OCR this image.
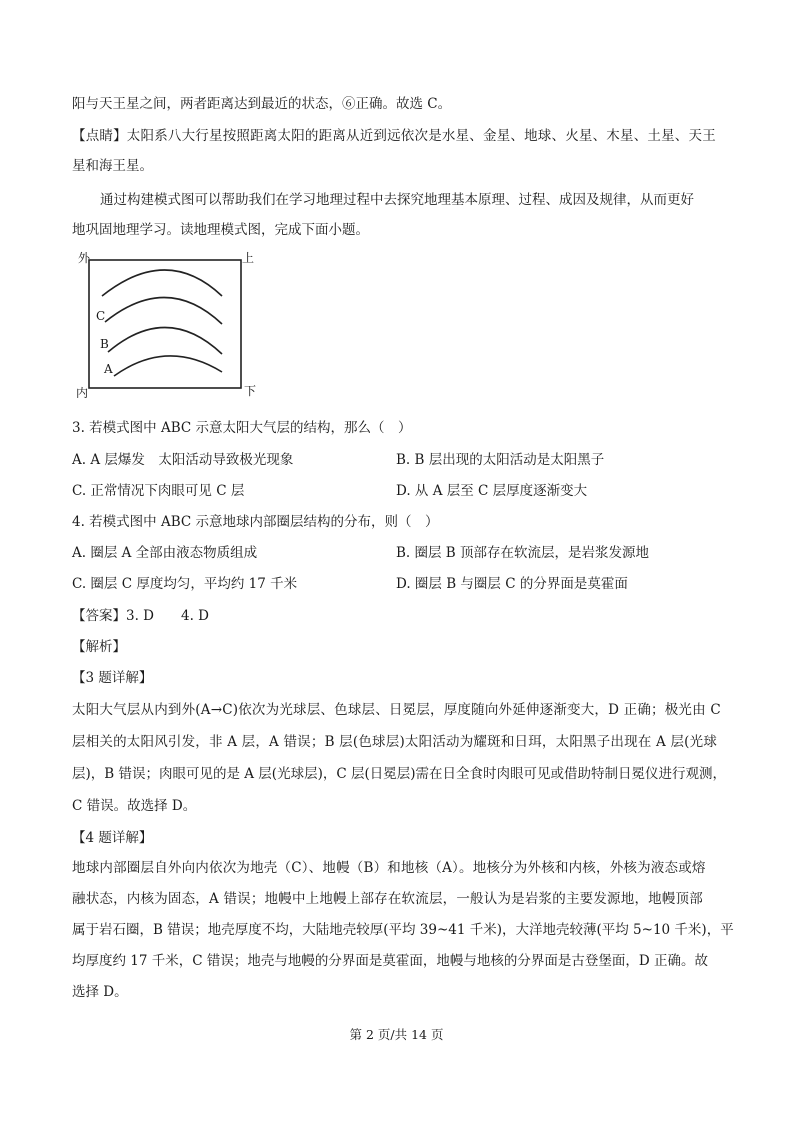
阳与天王星之间，两者距离达到最近的状态，⑥正确。故选 C。
【点睛】太阳系八大行星按照距离太阳的距离从近到远依次是水星、金星、地球、火星、木星、土星、天王
星和海王星。
通过构建模式图可以帮助我们在学习地理过程中去探究地理基本原理、过程、成因及规律，从而更好
地巩固地理学习。读地理模式图，完成下面小题。
外	上
C
B
A
内	下
3. 若模式图中 ABC 示意太阳大气层的结构，那么（　）
A. A 层爆发　太阳活动导致极光现象	B. B 层出现的太阳活动是太阳黑子
C. 正常情况下肉眼可见 C 层	D. 从 A 层至 C 层厚度逐渐变大
4. 若模式图中 ABC 示意地球内部圈层结构的分布，则（　）
A. 圈层 A 全部由液态物质组成	B. 圈层 B 顶部存在软流层，是岩浆发源地
C. 圈层 C 厚度均匀，平均约 17 千米	D. 圈层 B 与圈层 C 的分界面是莫霍面
【答案】3. D　　4. D
【解析】
【3 题详解】
太阳大气层从内到外(A→C)依次为光球层、色球层、日冕层，厚度随向外延伸逐渐变大，D 正确；极光由 C
层相关的太阳风引发，非 A 层，A 错误；B 层(色球层)太阳活动为耀斑和日珥，太阳黑子出现在 A 层(光球
层)，B 错误；肉眼可见的是 A 层(光球层)，C 层(日冕层)需在日全食时肉眼可见或借助特制日冕仪进行观测，
C 错误。故选择 D。
【4 题详解】
地球内部圈层自外向内依次为地壳（C）、地幔（B）和地核（A）。地核分为外核和内核，外核为液态或熔
融状态，内核为固态，A 错误；地幔中上地幔上部存在软流层，一般认为是岩浆的主要发源地，地幔顶部
属于岩石圈，B 错误；地壳厚度不均，大陆地壳较厚(平均 39~41 千米)，大洋地壳较薄(平均 5~10 千米)，平
均厚度约 17 千米，C 错误；地壳与地幔的分界面是莫霍面，地幔与地核的分界面是古登堡面，D 正确。故
选择 D。
第 2 页/共 14 页
